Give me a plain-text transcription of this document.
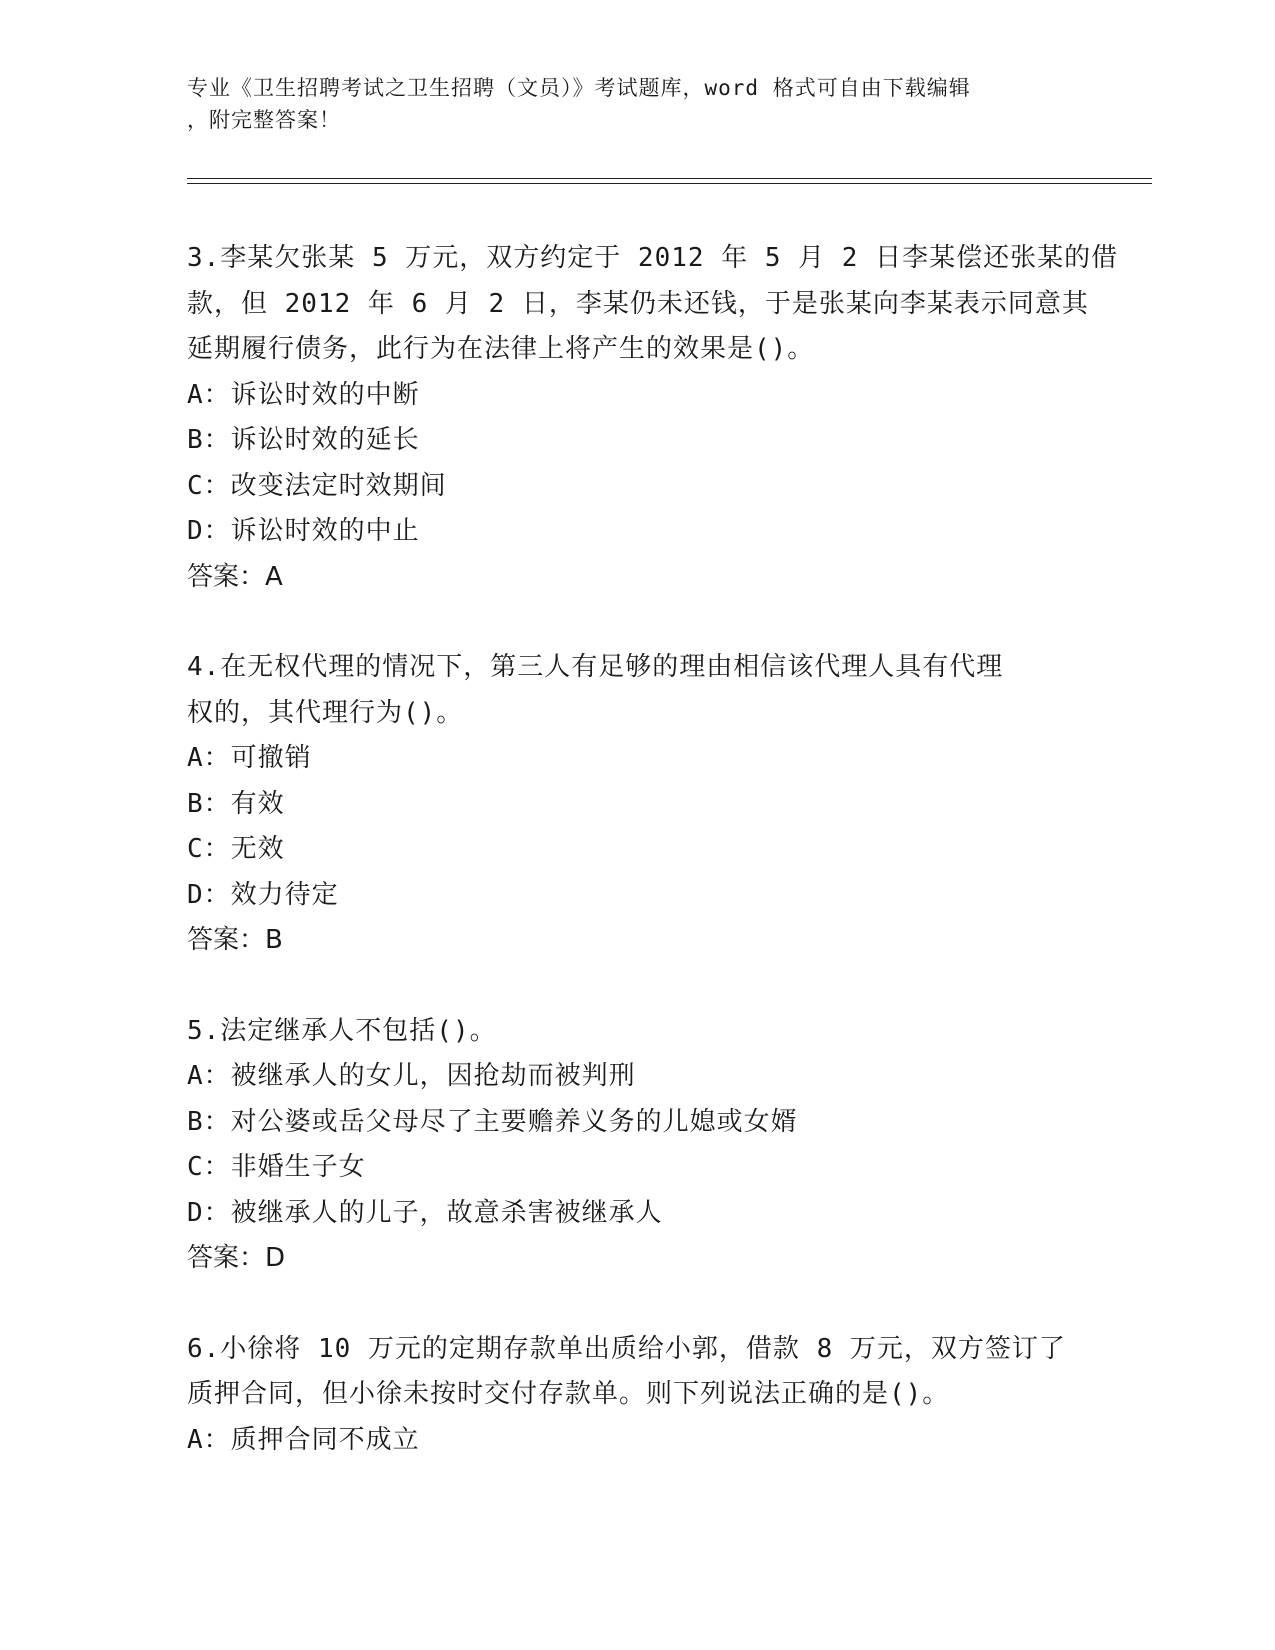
专业《卫生招聘考试之卫生招聘（文员）》考试题库，word 格式可自由下载编辑
，附完整答案！
3.李某欠张某 5 万元，双方约定于 2012 年 5 月 2 日李某偿还张某的借
款，但 2012 年 6 月 2 日，李某仍未还钱，于是张某向李某表示同意其
延期履行债务，此行为在法律上将产生的效果是()。
A：诉讼时效的中断
B：诉讼时效的延长
C：改变法定时效期间
D：诉讼时效的中止
答案：A
4.在无权代理的情况下，第三人有足够的理由相信该代理人具有代理
权的，其代理行为()。
A：可撤销
B：有效
C：无效
D：效力待定
答案：B
5.法定继承人不包括()。
A：被继承人的女儿，因抢劫而被判刑
B：对公婆或岳父母尽了主要赡养义务的儿媳或女婿
C：非婚生子女
D：被继承人的儿子，故意杀害被继承人
答案：D
6.小徐将 10 万元的定期存款单出质给小郭，借款 8 万元，双方签订了
质押合同，但小徐未按时交付存款单。则下列说法正确的是()。
A：质押合同不成立
